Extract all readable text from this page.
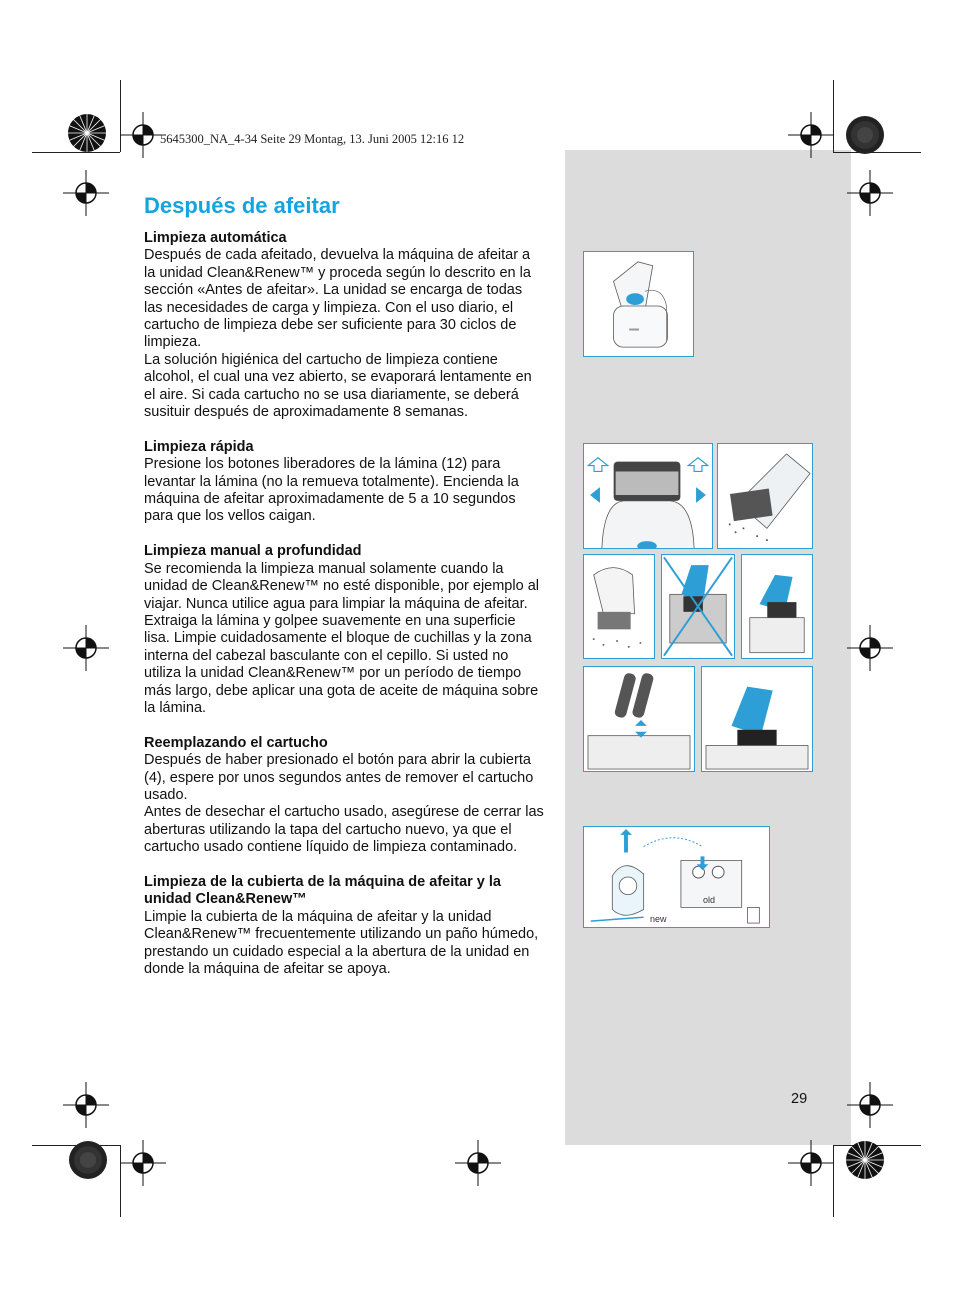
5645300_NA_4-34 Seite 29 Montag, 13. Juni 2005 12:16 12
Después de afeitar
Limpieza automática

Después de cada afeitado, devuelva la máquina de afeitar a la unidad Clean&Renew™ y proceda según lo descrito en la sección «Antes de afeitar». La unidad se encarga de todas las necesidades de carga y limpieza. Con el uso diario, el cartucho de limpieza debe ser suficiente para 30 ciclos de limpieza.

La solución higiénica del cartucho de limpieza contiene alcohol, el cual una vez abierto, se evaporará lentamente en el aire. Si cada cartucho no se usa diariamente, se deberá susituir después de aproximadamente 8 semanas.

Limpieza rápida

Presione los botones liberadores de la lámina (12) para levantar la lámina (no la remueva totalmente). Encienda la máquina de afeitar aproximadamente de 5 a 10 segundos para que los vellos caigan.

Limpieza manual a profundidad

Se recomienda la limpieza manual solamente cuando la unidad de Clean&Renew™ no esté disponible, por ejemplo al viajar. Nunca utilice agua para limpiar la máquina de afeitar.

Extraiga la lámina y golpee suavemente en una superficie lisa. Limpie cuidadosamente el bloque de cuchillas y la zona interna del cabezal basculante con el cepillo. Si usted no utiliza la unidad Clean&Renew™ por un período de tiempo más largo, debe aplicar una gota de aceite de máquina sobre la lámina.

Reemplazando el cartucho

Después de haber presionado el botón para abrir la cubierta (4), espere por unos segundos antes de remover el cartucho usado.

Antes de desechar el cartucho usado, asegúrese de cerrar las aberturas utilizando la tapa del cartucho nuevo, ya que el cartucho usado contiene líquido de limpieza contaminado.

Limpieza de la cubierta de la máquina de afeitar y la unidad Clean&Renew™

Limpie la cubierta de la máquina de afeitar y la unidad Clean&Renew™ frecuentemente utilizando un paño húmedo, prestando un cuidado especial a la abertura de la unidad en donde la máquina de afeitar se apoya.

new
old
29
